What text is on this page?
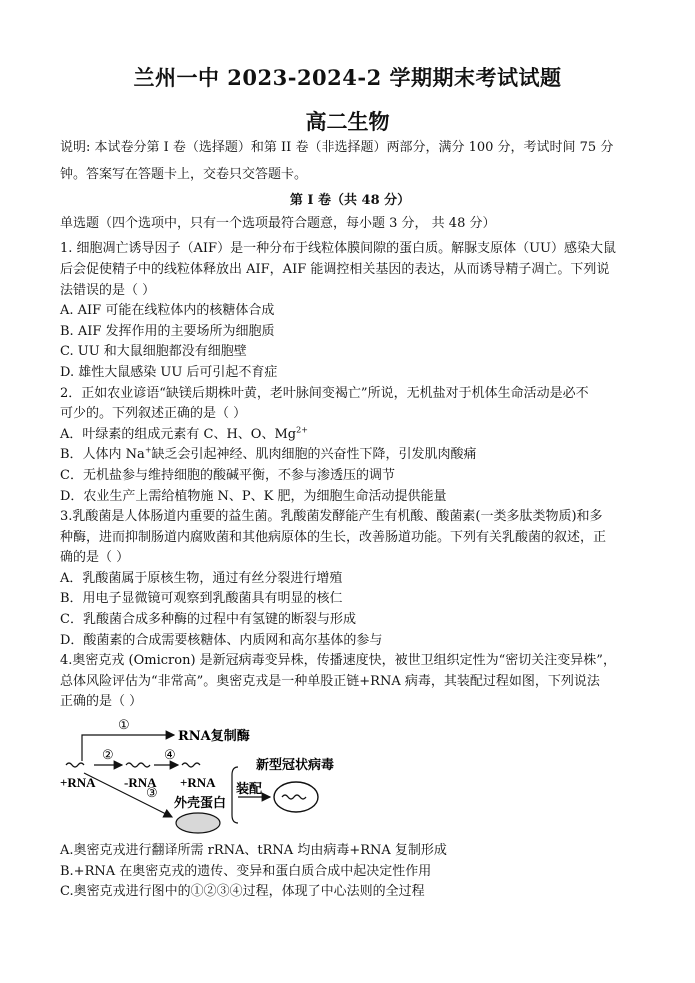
兰州一中 2023-2024-2 学期期末考试试题
高二生物

说明: 本试卷分第 I 卷（选择题）和第 II 卷（非选择题）两部分，满分 100 分，考试时间 75 分

钟。答案写在答题卡上，交卷只交答题卡。

第 I 卷（共 48 分）

单选题（四个选项中，只有一个选项最符合题意，每小题 3 分， 共 48 分）

1. 细胞凋亡诱导因子（AIF）是一种分布于线粒体膜间隙的蛋白质。解脲支原体（UU）感染大鼠

后会促使精子中的线粒体释放出 AIF，AIF 能调控相关基因的表达，从而诱导精子凋亡。下列说

法错误的是（ ）

A. AIF 可能在线粒体内的核糖体合成

B. AIF 发挥作用的主要场所为细胞质

C. UU 和大鼠细胞都没有细胞壁

D. 雄性大鼠感染 UU 后可引起不育症

2．正如农业谚语“缺镁后期株叶黄，老叶脉间变褐亡”所说，无机盐对于机体生命活动是必不

可少的。下列叙述正确的是（ ）

A．叶绿素的组成元素有 C、H、O、$Mg^{2+}$

B．人体内 Na+缺乏会引起神经、肌肉细胞的兴奋性下降，引发肌肉酸痛

C．无机盐参与维持细胞的酸碱平衡，不参与渗透压的调节

D．农业生产上需给植物施 N、P、K 肥，为细胞生命活动提供能量

3.乳酸菌是人体肠道内重要的益生菌。乳酸菌发酵能产生有机酸、酸菌素(一类多肽类物质)和多

种酶，进而抑制肠道内腐败菌和其他病原体的生长，改善肠道功能。下列有关乳酸菌的叙述，正

确的是（ ）

A．乳酸菌属于原核生物，通过有丝分裂进行增殖

B．用电子显微镜可观察到乳酸菌具有明显的核仁

C．乳酸菌合成多种酶的过程中有氢键的断裂与形成

D．酸菌素的合成需要核糖体、内质网和高尔基体的参与

4.奥密克戎 (Omicron) 是新冠病毒变异株，传播速度快，被世卫组织定性为“密切关注变异株”，

总体风险评估为“非常高”。奥密克戎是一种单股正链+RNA 病毒，其装配过程如图，下列说法

正确的是（ ）

+RNA
①
RNA复制酶
②
-RNA
④
+RNA
③
外壳蛋白
装配
新型冠状病毒

A.奥密克戎进行翻译所需 rRNA、tRNA 均由病毒+RNA 复制形成

B.+RNA 在奥密克戎的遗传、变异和蛋白质合成中起决定性作用

C.奥密克戎进行图中的①②③④过程，体现了中心法则的全过程
